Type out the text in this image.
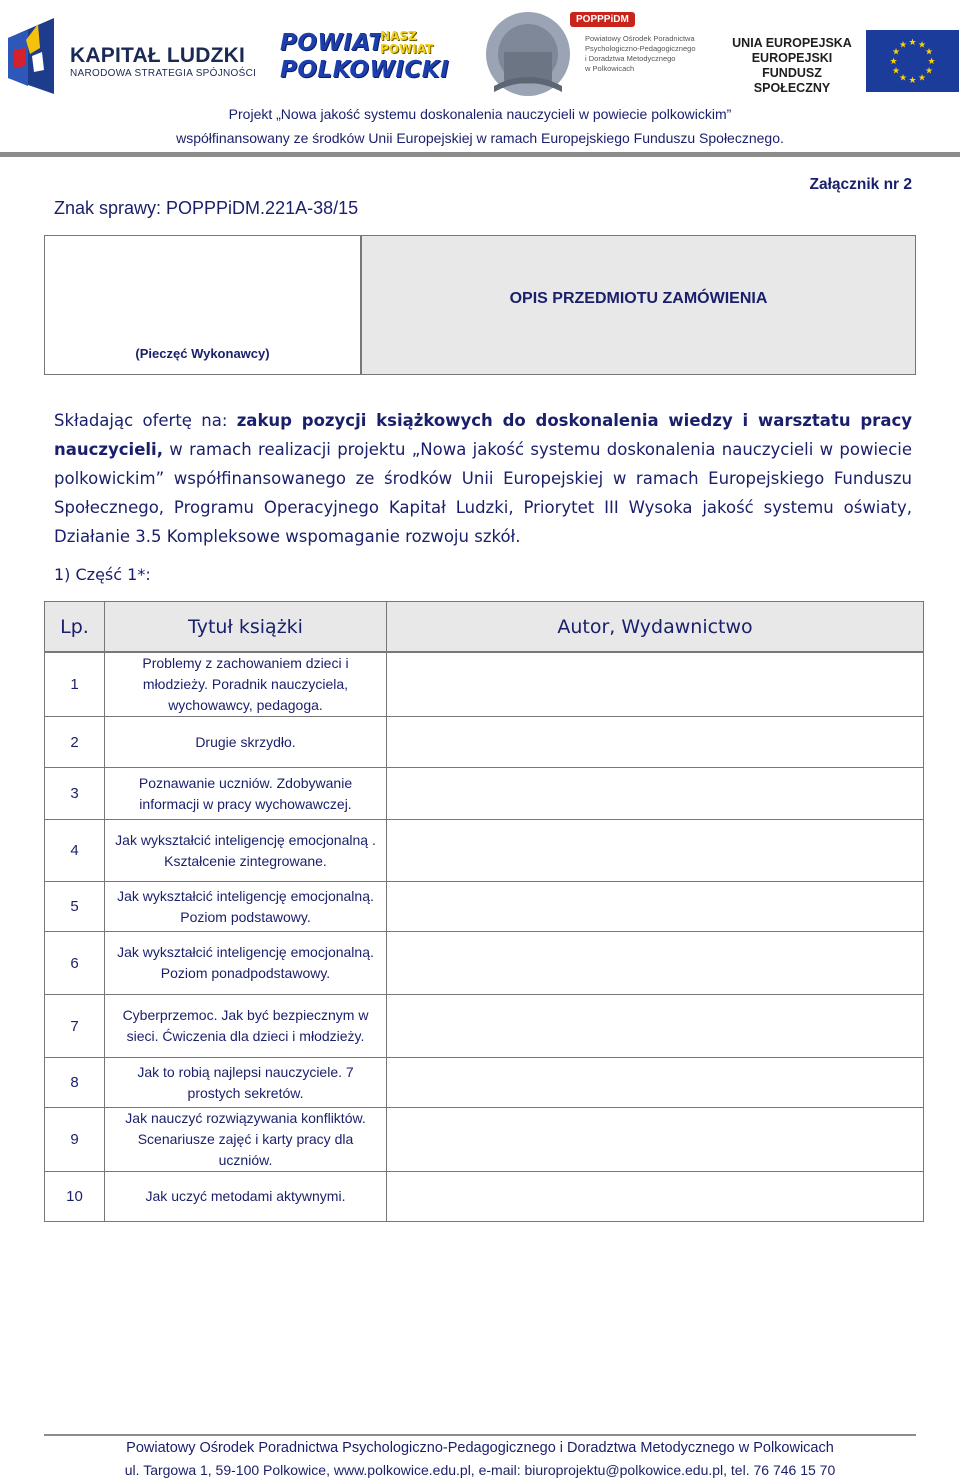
KAPITAŁ LUDZKI
NARODOWA STRATEGIA SPÓJNOŚCI
POWIAT
NASZ POWIAT
POLKOWICKI
POPPPiDM
Powiatowy Ośrodek Poradnictwa
Psychologiczno-Pedagogicznego
i Doradztwa Metodycznego
w Polkowicach
UNIA EUROPEJSKA
EUROPEJSKI
FUNDUSZ SPOŁECZNY
★
★
★
★
★
★
★
★
★ ★ ★
★
Projekt „Nowa jakość systemu doskonalenia nauczycieli w powiecie polkowickim”
współfinansowany ze środków Unii Europejskiej w ramach Europejskiego Funduszu Społecznego.
Znak sprawy: POPPPiDM.221A-38/15
Załącznik nr 2
(Pieczęć Wykonawcy)
OPIS PRZEDMIOTU ZAMÓWIENIA
Składając ofertę na: zakup pozycji książkowych do doskonalenia wiedzy i warsztatu pracy nauczycieli, w ramach realizacji projektu „Nowa jakość systemu doskonalenia nauczycieli w powiecie polkowickim” współfinansowanego ze środków Unii Europejskiej w ramach Europejskiego Funduszu Społecznego, Programu Operacyjnego Kapitał Ludzki, Priorytet III Wysoka jakość systemu oświaty, Działanie 3.5 Kompleksowe wspomaganie rozwoju szkół.
1) Część 1*:
Lp.	Tytuł książki	Autor, Wydawnictwo

1	Problemy z zachowaniem dzieci i młodzieży. Poradnik nauczyciela, wychowawcy, pedagoga.	
2	Drugie skrzydło.	
3	Poznawanie uczniów. Zdobywanie informacji w pracy wychowawczej.	
4	Jak wykształcić inteligencję emocjonalną . Kształcenie zintegrowane.	
5	Jak wykształcić inteligencję emocjonalną. Poziom podstawowy.	
6	Jak wykształcić inteligencję emocjonalną. Poziom ponadpodstawowy.	
7	Cyberprzemoc. Jak być bezpiecznym w sieci. Ćwiczenia dla dzieci i młodzieży.	
8	Jak to robią najlepsi nauczyciele. 7 prostych sekretów.	
9	Jak nauczyć rozwiązywania konfliktów. Scenariusze zajęć i karty pracy dla uczniów.	
10	Jak uczyć metodami aktywnymi.	
Powiatowy Ośrodek Poradnictwa Psychologiczno-Pedagogicznego i Doradztwa Metodycznego w Polkowicach
ul. Targowa 1, 59-100 Polkowice, www.polkowice.edu.pl, e-mail: biuroprojektu@polkowice.edu.pl, tel. 76 746 15 70
